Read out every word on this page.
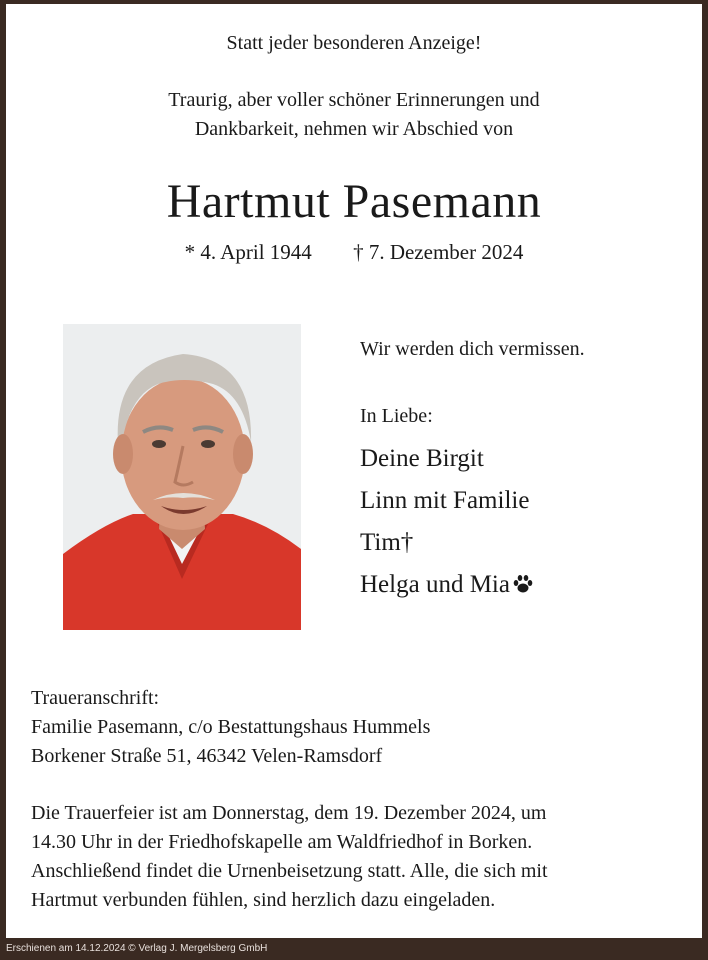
Statt jeder besonderen Anzeige!
Traurig, aber voller schöner Erinnerungen und
Dankbarkeit, nehmen wir Abschied von
Hartmut Pasemann
* 4. April 1944 † 7. Dezember 2024
Wir werden dich vermissen.
In Liebe:
Deine Birgit
Linn mit Familie
Tim†
Helga und Mia
Traueranschrift:
Familie Pasemann, c/o Bestattungshaus Hummels
Borkener Straße 51, 46342 Velen-Ramsdorf
Die Trauerfeier ist am Donnerstag, dem 19. Dezember 2024, um
14.30 Uhr in der Friedhofskapelle am Waldfriedhof in Borken.
Anschließend findet die Urnenbeisetzung statt. Alle, die sich mit
Hartmut verbunden fühlen, sind herzlich dazu eingeladen.
Erschienen am 14.12.2024 © Verlag J. Mergelsberg GmbH
